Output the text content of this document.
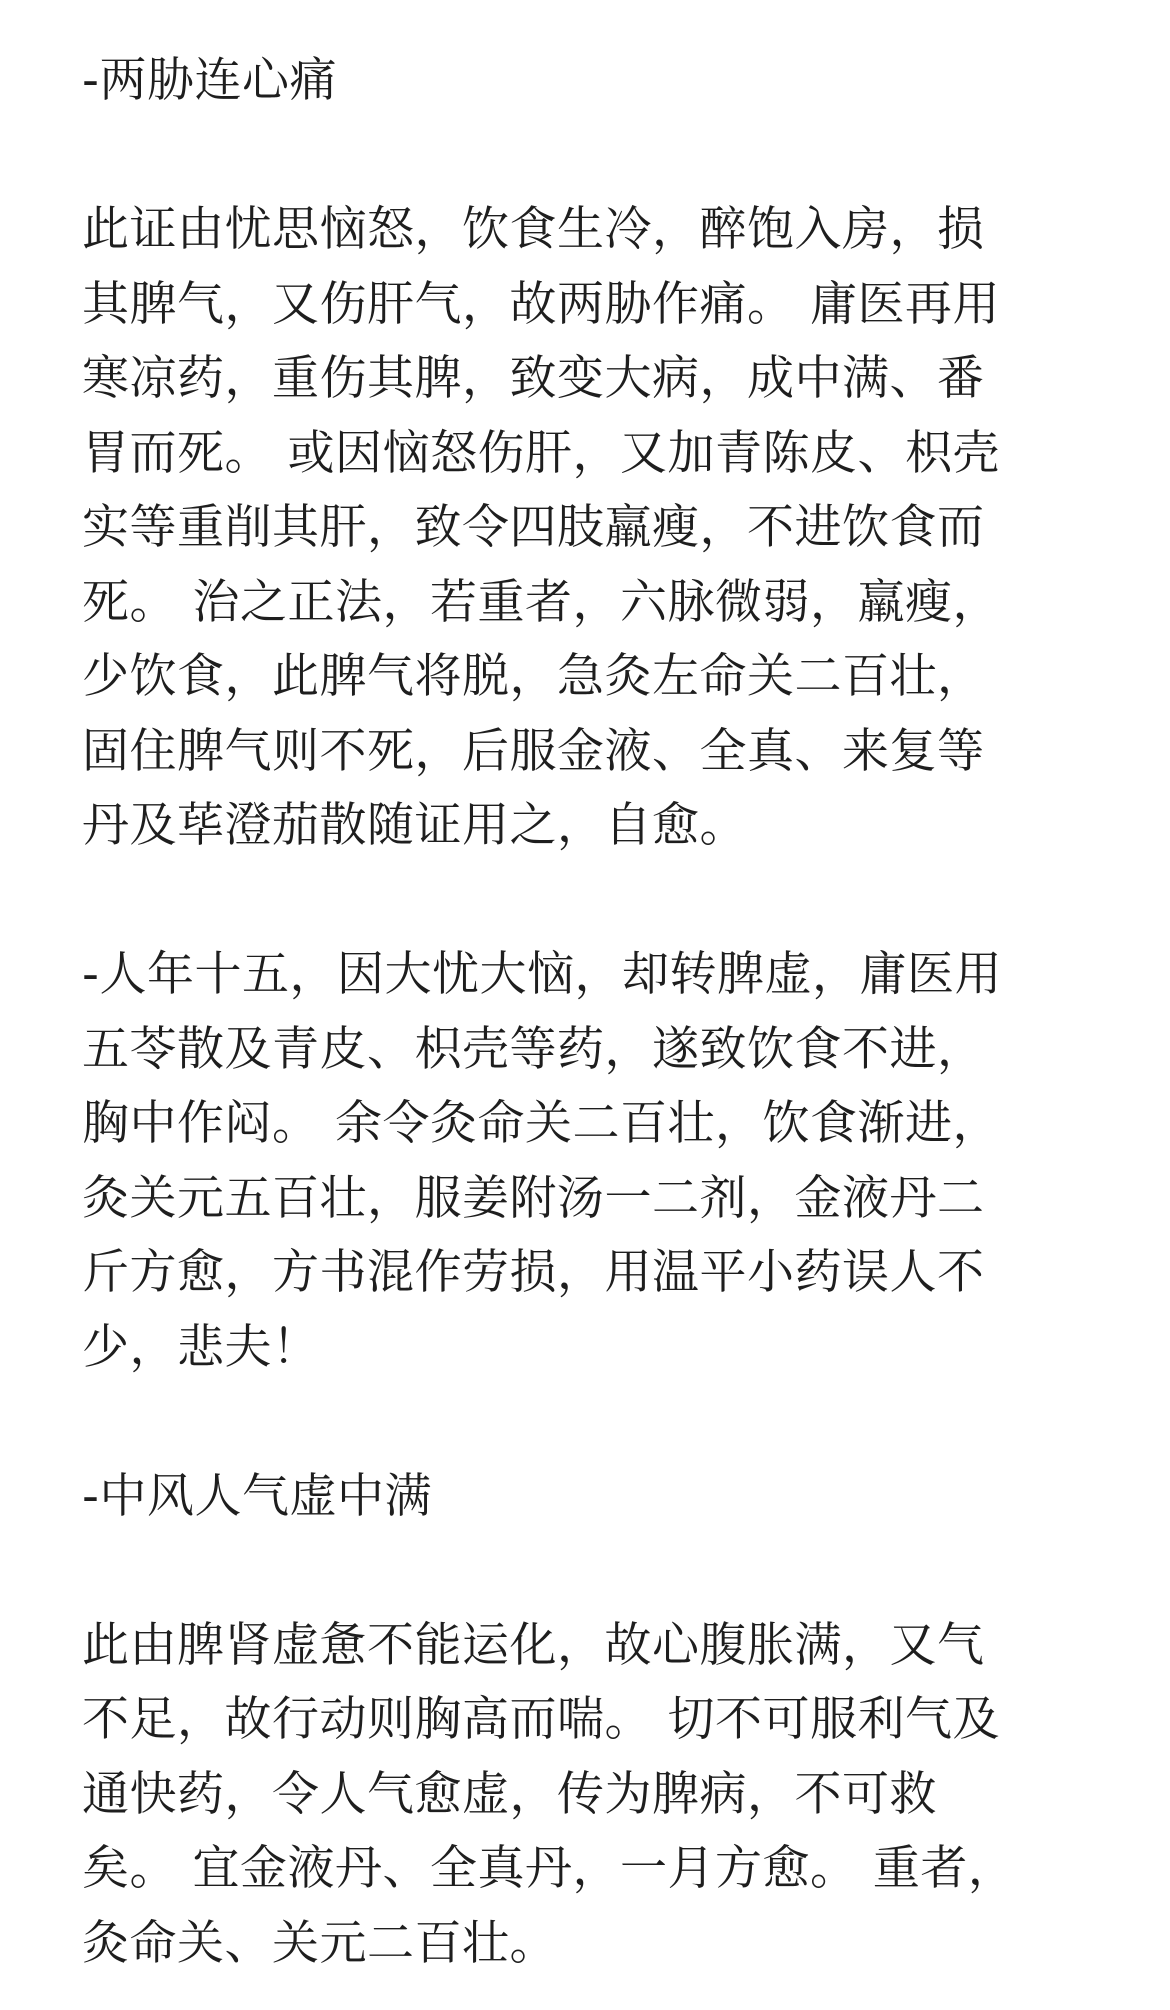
-两胁连心痛
此证由忧思恼怒，饮食生冷，醉饱入房，损
其脾气，又伤肝气，故两胁作痛。 庸医再用
寒凉药，重伤其脾，致变大病，成中满、番
胃而死。 或因恼怒伤肝，又加青陈皮、枳壳
实等重削其肝，致令四肢羸瘦，不进饮食而
死。 治之正法，若重者，六脉微弱，羸瘦，
少饮食，此脾气将脱，急灸左命关二百壮，
固住脾气则不死，后服金液、全真、来复等
丹及荜澄茄散随证用之，自愈。
-人年十五，因大忧大恼，却转脾虚，庸医用
五苓散及青皮、枳壳等药，遂致饮食不进，
胸中作闷。 余令灸命关二百壮，饮食渐进，
灸关元五百壮，服姜附汤一二剂，金液丹二
斤方愈，方书混作劳损，用温平小药误人不
少，悲夫！
-中风人气虚中满
此由脾肾虚惫不能运化，故心腹胀满，又气
不足，故行动则胸高而喘。 切不可服利气及
通快药，令人气愈虚，传为脾病，不可救
矣。 宜金液丹、全真丹，一月方愈。 重者，
灸命关、关元二百壮。
